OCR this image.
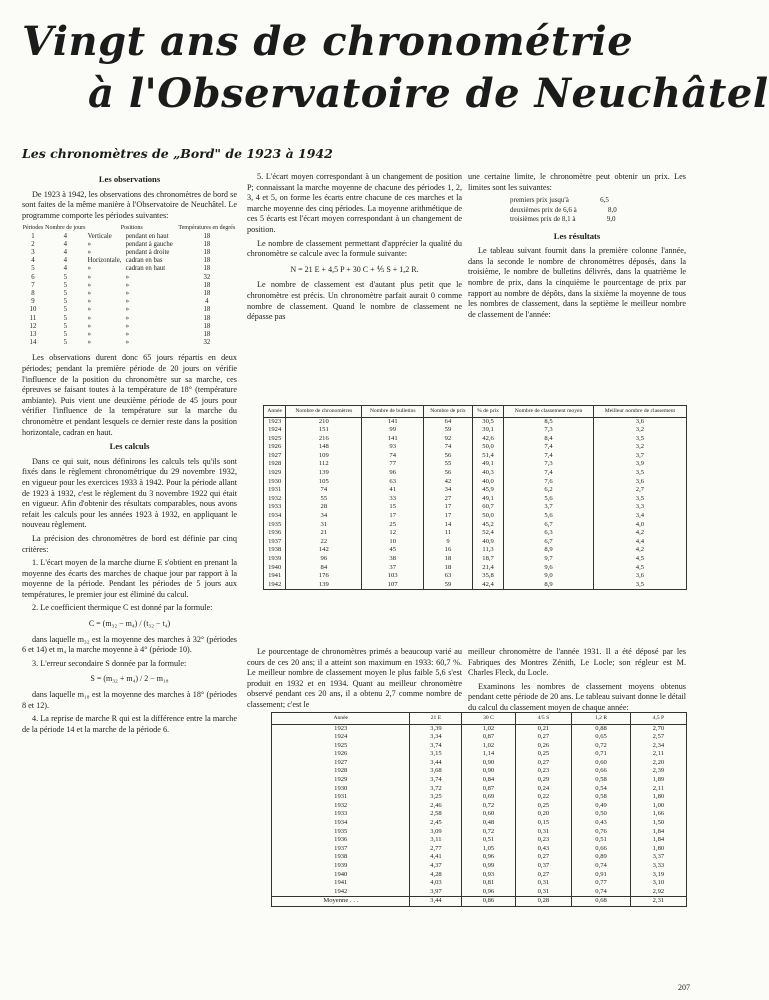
Vingt ans de chronométrie
à l'Observatoire de Neuchâtel
Les chronomètres de „Bord" de 1923 à 1942
Les observations

De 1923 à 1942, les observations des chronomètres de bord se sont faites de la même manière à l'Observatoire de Neuchâtel. Le programme comporte les périodes suivantes:

Périodes	Nombre de jours	Positions		Températures en degrés
1	4	Verticale	pendant en haut	18
2	4	»	pendant à gauche	18
3	4	»	pendant à droite	18
4	4	Horizontale,	cadran en bas	18
5	4	»	cadran en haut	18
6	5	»	»	32
7	5	»	»	18
8	5	»	»	18
9	5	»	»	4
10	5	»	»	18
11	5	»	»	18
12	5	»	»	18
13	5	»	»	18
14	5	»	»	32

Les observations durent donc 65 jours répartis en deux périodes; pendant la première période de 20 jours on vérifie l'influence de la position du chronomètre sur sa marche, ces épreuves se faisant toutes à la température de 18° (température ambiante). Puis vient une deuxième période de 45 jours pour vérifier l'influence de la température sur la marche du chronomètre et pendant lesquels ce dernier reste dans la position horizontale, cadran en haut.

Les calculs

Dans ce qui suit, nous définirons les calculs tels qu'ils sont fixés dans le règlement chronométrique du 29 novembre 1932, en vigueur pour les exercices 1933 à 1942. Pour la période allant de 1923 à 1932, c'est le règlement du 3 novembre 1922 qui était en vigueur. Afin d'obtenir des résultats comparables, nous avons refait les calculs pour les années 1923 à 1932, en appliquant le nouveau règlement.

La précision des chronomètres de bord est définie par cinq critères:

1. L'écart moyen de la marche diurne E s'obtient en prenant la moyenne des écarts des marches de chaque jour par rapport à la moyenne de la période. Pendant les périodes de 5 jours aux températures, le premier jour est éliminé du calcul.

2. Le coefficient thermique C est donné par la formule:

C = (m₃₂ − m₄) / (t₃₂ − t₄)

dans laquelle m₃₂ est la moyenne des marches à 32° (périodes 6 et 14) et m₄ la marche moyenne à 4° (période 10).

3. L'erreur secondaire S donnée par la formule:

S = (m₃₂ + m₄) / 2 − m₁₈

dans laquelle m₁₈ est la moyenne des marches à 18° (périodes 8 et 12).

4. La reprise de marche R qui est la différence entre la marche de la période 14 et la marche de la période 6.

5. L'écart moyen correspondant à un changement de position P; connaissant la marche moyenne de chacune des périodes 1, 2, 3, 4 et 5, on forme les écarts entre chacune de ces marches et la marche moyenne des cinq périodes. La moyenne arithmétique de ces 5 écarts est l'écart moyen correspondant à un changement de position.

Le nombre de classement permettant d'apprécier la qualité du chronomètre se calcule avec la formule suivante:

N = 21 E + 4,5 P + 30 C + ⅘ S + 1,2 R.

Le nombre de classement est d'autant plus petit que le chronomètre est précis. Un chronomètre parfait aurait 0 comme nombre de classement. Quand le nombre de classement ne dépasse pas

une certaine limite, le chronomètre peut obtenir un prix. Les limites sont les suivantes:

premiers prix jusqu'à	6,5
deuxièmes prix de 6,6 à	8,0
troisièmes prix de 8,1 à	9,0
Les résultats

Le tableau suivant fournit dans la première colonne l'année, dans la seconde le nombre de chronomètres déposés, dans la troisième, le nombre de bulletins délivrés, dans la quatrième le nombre de prix, dans la cinquième le pourcentage de prix par rapport au nombre de dépôts, dans la sixième la moyenne de tous les nombres de classement, dans la septième le meilleur nombre de classement de l'année:

Année	Nombre de chronomètres	Nombre de bulletins	Nombre de prix	% de prix	Nombre de classement moyen	Meilleur nombre de classement
1923	210	141	64	30,5	8,5	3,6
1924	151	99	59	39,1	7,3	3,2
1925	216	141	92	42,6	8,4	3,5
1926	148	93	74	50,0	7,4	3,2
1927	109	74	56	51,4	7,4	3,7
1928	112	77	55	49,1	7,3	3,9
1929	139	96	56	40,3	7,4	3,5
1930	105	63	42	40,0	7,6	3,6
1931	74	41	34	45,9	6,2	2,7
1932	55	33	27	49,1	5,6	3,5
1933	28	15	17	60,7	3,7	3,3
1934	34	17	17	50,0	5,6	3,4
1935	31	25	14	45,2	6,7	4,0
1936	21	12	11	52,4	6,3	4,2
1937	22	10	9	40,9	6,7	4,4
1938	142	45	16	11,3	8,9	4,2
1939	96	38	18	18,7	9,7	4,5
1940	84	37	18	21,4	9,6	4,5
1941	176	103	63	35,8	9,0	3,6
1942	139	107	59	42,4	8,9	3,5

Le pourcentage de chronomètres primés a beaucoup varié au cours de ces 20 ans; il a atteint son maximum en 1933: 60,7 %. Le meilleur nombre de classement moyen le plus faible 5,6 s'est produit en 1932 et en 1934. Quant au meilleur chronomètre observé pendant ces 20 ans, il a obtenu 2,7 comme nombre de classement; c'est le

meilleur chronomètre de l'année 1931. Il a été déposé par les Fabriques des Montres Zénith, Le Locle; son régleur est M. Charles Fleck, du Locle.

Examinons les nombres de classement moyens obtenus pendant cette période de 20 ans. Le tableau suivant donne le détail du calcul du classement moyen de chaque année:

Année	21 E	30 C	4/5 S	1,2 R	4,5 P
1923	3,39	1,02	0,21	0,88	2,70
1924	3,34	0,87	0,27	0,65	2,57
1925	3,74	1,02	0,26	0,72	2,34
1926	3,15	1,14	0,25	0,71	2,11
1927	3,44	0,90	0,27	0,60	2,20
1928	3,68	0,90	0,23	0,66	2,39
1929	3,74	0,84	0,29	0,58	1,89
1930	3,72	0,87	0,24	0,54	2,11
1931	3,25	0,69	0,22	0,58	1,80
1932	2,46	0,72	0,25	0,49	1,00
1933	2,58	0,60	0,20	0,50	1,66
1934	2,45	0,48	0,15	0,43	1,50
1935	3,09	0,72	0,31	0,76	1,84
1936	3,11	0,51	0,23	0,51	1,84
1937	2,77	1,05	0,43	0,66	1,80
1938	4,41	0,96	0,27	0,89	3,37
1939	4,37	0,99	0,37	0,74	3,33
1940	4,28	0,93	0,27	0,91	3,19
1941	4,03	0,81	0,31	0,77	3,10
1942	3,97	0,96	0,31	0,74	2,92
Moyenne . . .	3,44	0,86	0,28	0,68	2,31
207
